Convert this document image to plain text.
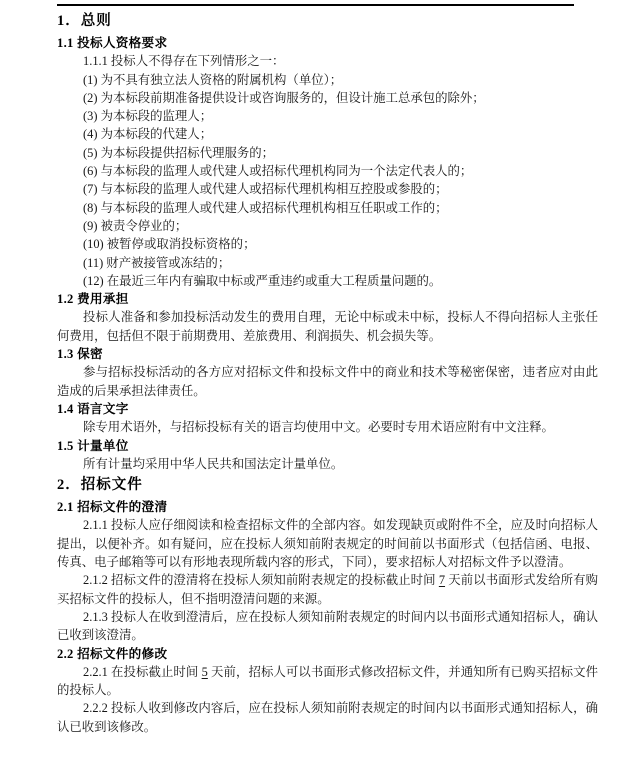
1．总则
1.1 投标人资格要求
1.1.1 投标人不得存在下列情形之一：
(1) 为不具有独立法人资格的附属机构（单位）；
(2) 为本标段前期准备提供设计或咨询服务的，但设计施工总承包的除外；
(3) 为本标段的监理人；
(4) 为本标段的代建人；
(5) 为本标段提供招标代理服务的；
(6) 与本标段的监理人或代建人或招标代理机构同为一个法定代表人的；
(7) 与本标段的监理人或代建人或招标代理机构相互控股或参股的；
(8) 与本标段的监理人或代建人或招标代理机构相互任职或工作的；
(9) 被责令停业的；
(10) 被暂停或取消投标资格的；
(11) 财产被接管或冻结的；
(12) 在最近三年内有骗取中标或严重违约或重大工程质量问题的。
1.2 费用承担
投标人准备和参加投标活动发生的费用自理，无论中标或未中标，投标人不得向招标人主张任何费用，包括但不限于前期费用、差旅费用、利润损失、机会损失等。
1.3 保密
参与招标投标活动的各方应对招标文件和投标文件中的商业和技术等秘密保密，违者应对由此造成的后果承担法律责任。
1.4 语言文字
除专用术语外，与招标投标有关的语言均使用中文。必要时专用术语应附有中文注释。
1.5 计量单位
所有计量均采用中华人民共和国法定计量单位。
2．招标文件
2.1 招标文件的澄清
2.1.1 投标人应仔细阅读和检查招标文件的全部内容。如发现缺页或附件不全，应及时向招标人提出，以便补齐。如有疑问，应在投标人须知前附表规定的时间前以书面形式（包括信函、电报、传真、电子邮箱等可以有形地表现所载内容的形式，下同），要求招标人对招标文件予以澄清。
2.1.2 招标文件的澄清将在投标人须知前附表规定的投标截止时间 7 天前以书面形式发给所有购买招标文件的投标人，但不指明澄清问题的来源。
2.1.3 投标人在收到澄清后，应在投标人须知前附表规定的时间内以书面形式通知招标人，确认已收到该澄清。
2.2 招标文件的修改
2.2.1 在投标截止时间 5 天前，招标人可以书面形式修改招标文件，并通知所有已购买招标文件的投标人。
2.2.2 投标人收到修改内容后，应在投标人须知前附表规定的时间内以书面形式通知招标人，确认已收到该修改。
